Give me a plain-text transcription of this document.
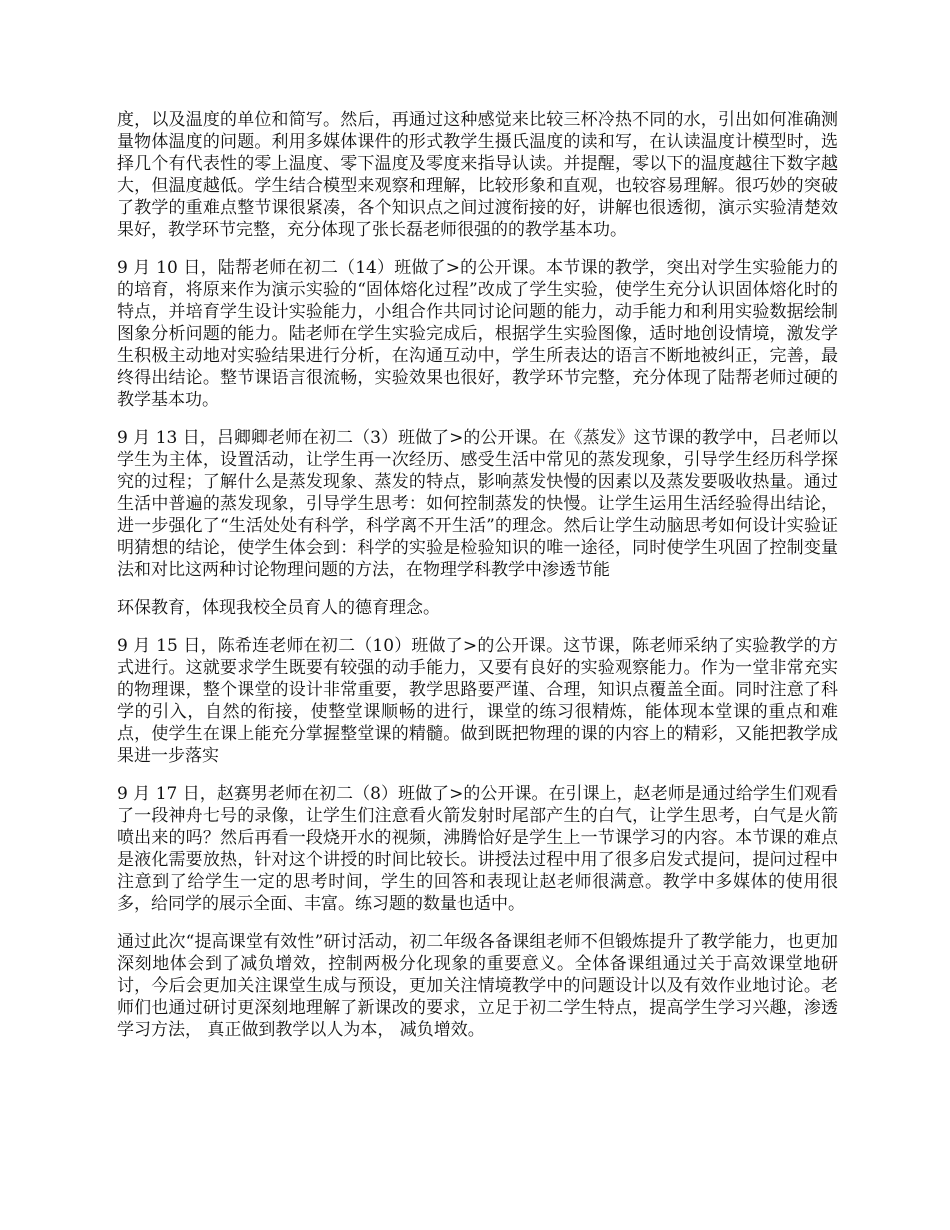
度，以及温度的单位和简写。然后，再通过这种感觉来比较三杯冷热不同的水，引出如何准确测量物体温度的问题。利用多媒体课件的形式教学生摄氏温度的读和写，在认读温度计模型时，选择几个有代表性的零上温度、零下温度及零度来指导认读。并提醒，零以下的温度越往下数字越大，但温度越低。学生结合模型来观察和理解，比较形象和直观，也较容易理解。很巧妙的突破了教学的重难点整节课很紧凑，各个知识点之间过渡衔接的好，讲解也很透彻，演示实验清楚效果好，教学环节完整，充分体现了张长磊老师很强的的教学基本功。

9 月 10 日，陆帮老师在初二（14）班做了>的公开课。本节课的教学，突出对学生实验能力的的培育，将原来作为演示实验的“固体熔化过程”改成了学生实验，使学生充分认识固体熔化时的特点，并培育学生设计实验能力，小组合作共同讨论问题的能力，动手能力和利用实验数据绘制图象分析问题的能力。陆老师在学生实验完成后，根据学生实验图像，适时地创设情境，激发学生积极主动地对实验结果进行分析，在沟通互动中，学生所表达的语言不断地被纠正，完善，最终得出结论。整节课语言很流畅，实验效果也很好，教学环节完整，充分体现了陆帮老师过硬的教学基本功。

9 月 13 日，吕卿卿老师在初二（3）班做了>的公开课。在《蒸发》这节课的教学中，吕老师以学生为主体，设置活动，让学生再一次经历、感受生活中常见的蒸发现象，引导学生经历科学探究的过程；了解什么是蒸发现象、蒸发的特点，影响蒸发快慢的因素以及蒸发要吸收热量。通过生活中普遍的蒸发现象，引导学生思考：如何控制蒸发的快慢。让学生运用生活经验得出结论，进一步强化了“生活处处有科学，科学离不开生活”的理念。然后让学生动脑思考如何设计实验证明猜想的结论，使学生体会到：科学的实验是检验知识的唯一途径，同时使学生巩固了控制变量法和对比这两种讨论物理问题的方法，在物理学科教学中渗透节能

环保教育，体现我校全员育人的德育理念。

9 月 15 日，陈希连老师在初二（10）班做了>的公开课。这节课，陈老师采纳了实验教学的方式进行。这就要求学生既要有较强的动手能力，又要有良好的实验观察能力。作为一堂非常充实的物理课，整个课堂的设计非常重要，教学思路要严谨、合理，知识点覆盖全面。同时注意了科学的引入，自然的衔接，使整堂课顺畅的进行，课堂的练习很精炼，能体现本堂课的重点和难点，使学生在课上能充分掌握整堂课的精髓。做到既把物理的课的内容上的精彩，又能把教学成果进一步落实

9 月 17 日，赵赛男老师在初二（8）班做了>的公开课。在引课上，赵老师是通过给学生们观看了一段神舟七号的录像，让学生们注意看火箭发射时尾部产生的白气，让学生思考，白气是火箭喷出来的吗？然后再看一段烧开水的视频，沸腾恰好是学生上一节课学习的内容。本节课的难点是液化需要放热，针对这个讲授的时间比较长。讲授法过程中用了很多启发式提问，提问过程中注意到了给学生一定的思考时间，学生的回答和表现让赵老师很满意。教学中多媒体的使用很多，给同学的展示全面、丰富。练习题的数量也适中。

通过此次“提高课堂有效性”研讨活动，初二年级各备课组老师不但锻炼提升了教学能力，也更加深刻地体会到了减负增效，控制两极分化现象的重要意义。全体备课组通过关于高效课堂地研讨，今后会更加关注课堂生成与预设，更加关注情境教学中的问题设计以及有效作业地讨论。老师们也通过研讨更深刻地理解了新课改的要求，立足于初二学生特点，提高学生学习兴趣，渗透学习方法， 真正做到教学以人为本， 减负增效。
